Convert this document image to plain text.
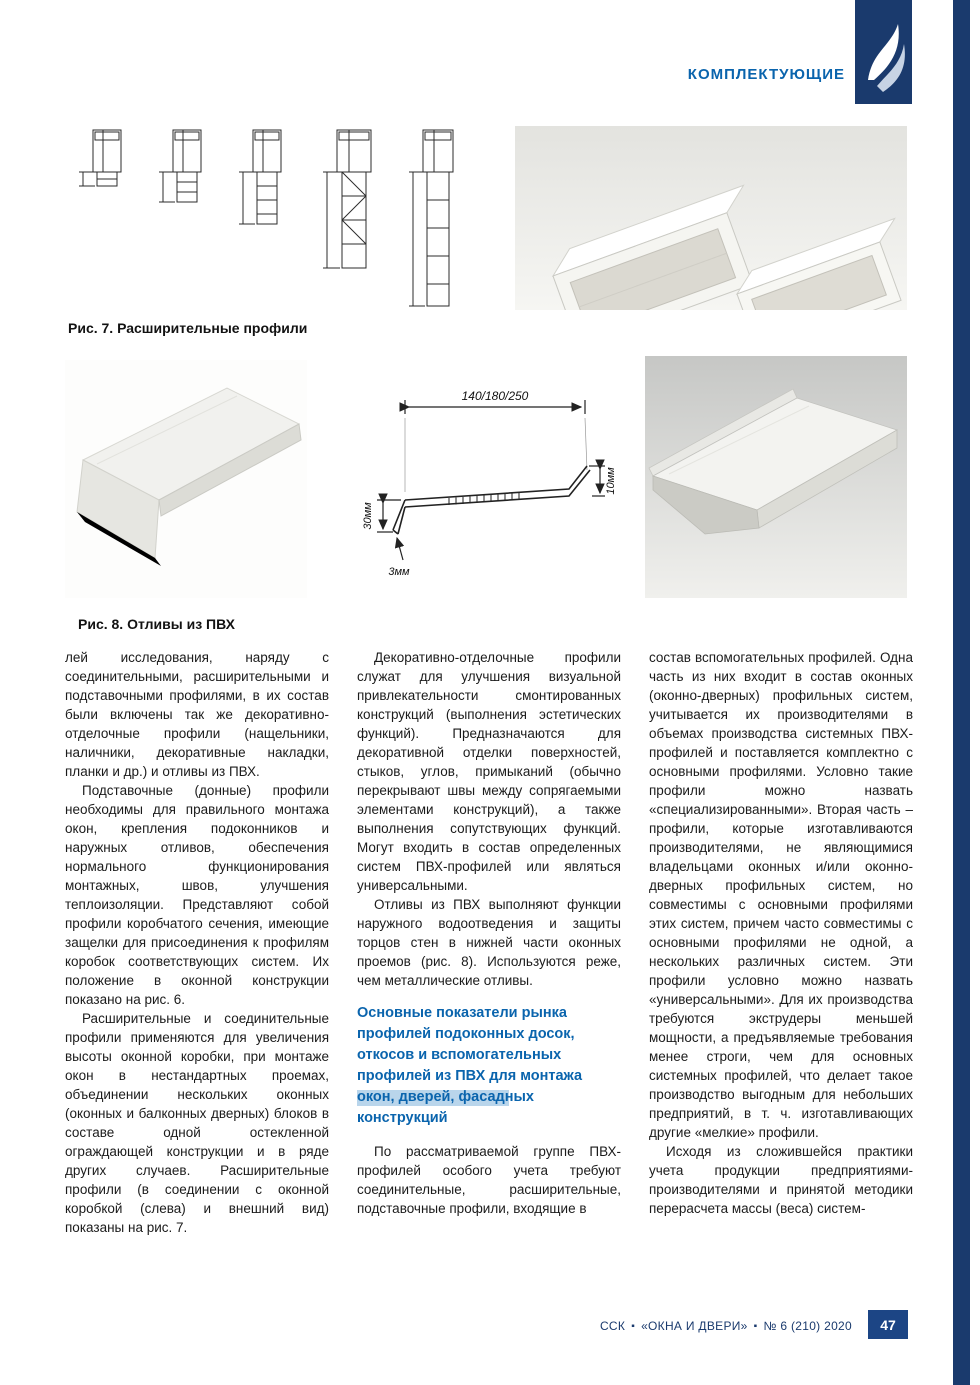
КОМПЛЕКТУЮЩИЕ
Рис. 7. Расширительные профили
140/180/250
10мм
30мм
3мм
Рис. 8. Отливы из ПВХ

лей исследования, наряду с соединительными, расширительными и подставочными профилями, в их состав были включены так же декоративно-отделочные профили (нащельники, наличники, декоративные накладки, планки и др.) и отливы из ПВХ.

Подставочные (донные) профили необходимы для правильного монтажа окон, крепления подоконников и наружных отливов, обеспечения нормального функционирования монтажных, швов, улучшения теплоизоляции. Представляют собой профили коробчатого сечения, имеющие защелки для присоединения к профилям коробок соответствующих систем. Их положение в оконной конструкции показано на рис. 6.

Расширительные и соединительные профили применяются для увеличения высоты оконной коробки, при монтаже окон в нестандартных проемах, объединении нескольких оконных (оконных и балконных дверных) блоков в составе одной остекленной ограждающей конструкции и в ряде других случаев. Расширительные профили (в соединении с оконной коробкой (слева) и внешний вид) показаны на рис. 7.

Декоративно-отделочные профили служат для улучшения визуальной привлекательности смонтированных конструкций (выполнения эстетических функций). Предназначаются для декоративной отделки поверхностей, стыков, углов, примыканий (обычно перекрывают швы между сопрягаемыми элементами конструкций), а также выполнения сопутствующих функций. Могут входить в состав определенных систем ПВХ-профилей или являться универсальными.

Отливы из ПВХ выполняют функции наружного водоотведения и защиты торцов стен в нижней части оконных проемов (рис. 8). Используются реже, чем металлические отливы.

Основные показатели рынка профилей подоконных досок, откосов и вспомогательных профилей из ПВХ для монтажа окон, дверей, фасадных конструкций

По рассматриваемой группе ПВХ-профилей особого учета требуют соединительные, расширительные, подставочные профили, входящие в

состав вспомогательных профилей. Одна часть из них входит в состав оконных (оконно-дверных) профильных систем, учитывается их производителями в объемах производства системных ПВХ-профилей и поставляется комплектно с основными профилями. Условно такие профили можно назвать «специализированными». Вторая часть – профили, которые изготавливаются производителями, не являющимися владельцами оконных и/или оконно-дверных профильных систем, но совместимы с основными профилями этих систем, причем часто совместимы с основными профилями не одной, а нескольких различных систем. Эти профили условно можно назвать «универсальными». Для их производства требуются экструдеры меньшей мощности, а предъявляемые требования менее строги, чем для основных системных профилей, что делает такое производство выгодным для небольших предприятий, в т. ч. изготавливающих другие «мелкие» профили.

Исходя из сложившейся практики учета продукции предприятиями-производителями и принятой методики перерасчета массы (веса) систем-

ССК ▪ «ОКНА И ДВЕРИ» ▪ № 6 (210) 2020	47
